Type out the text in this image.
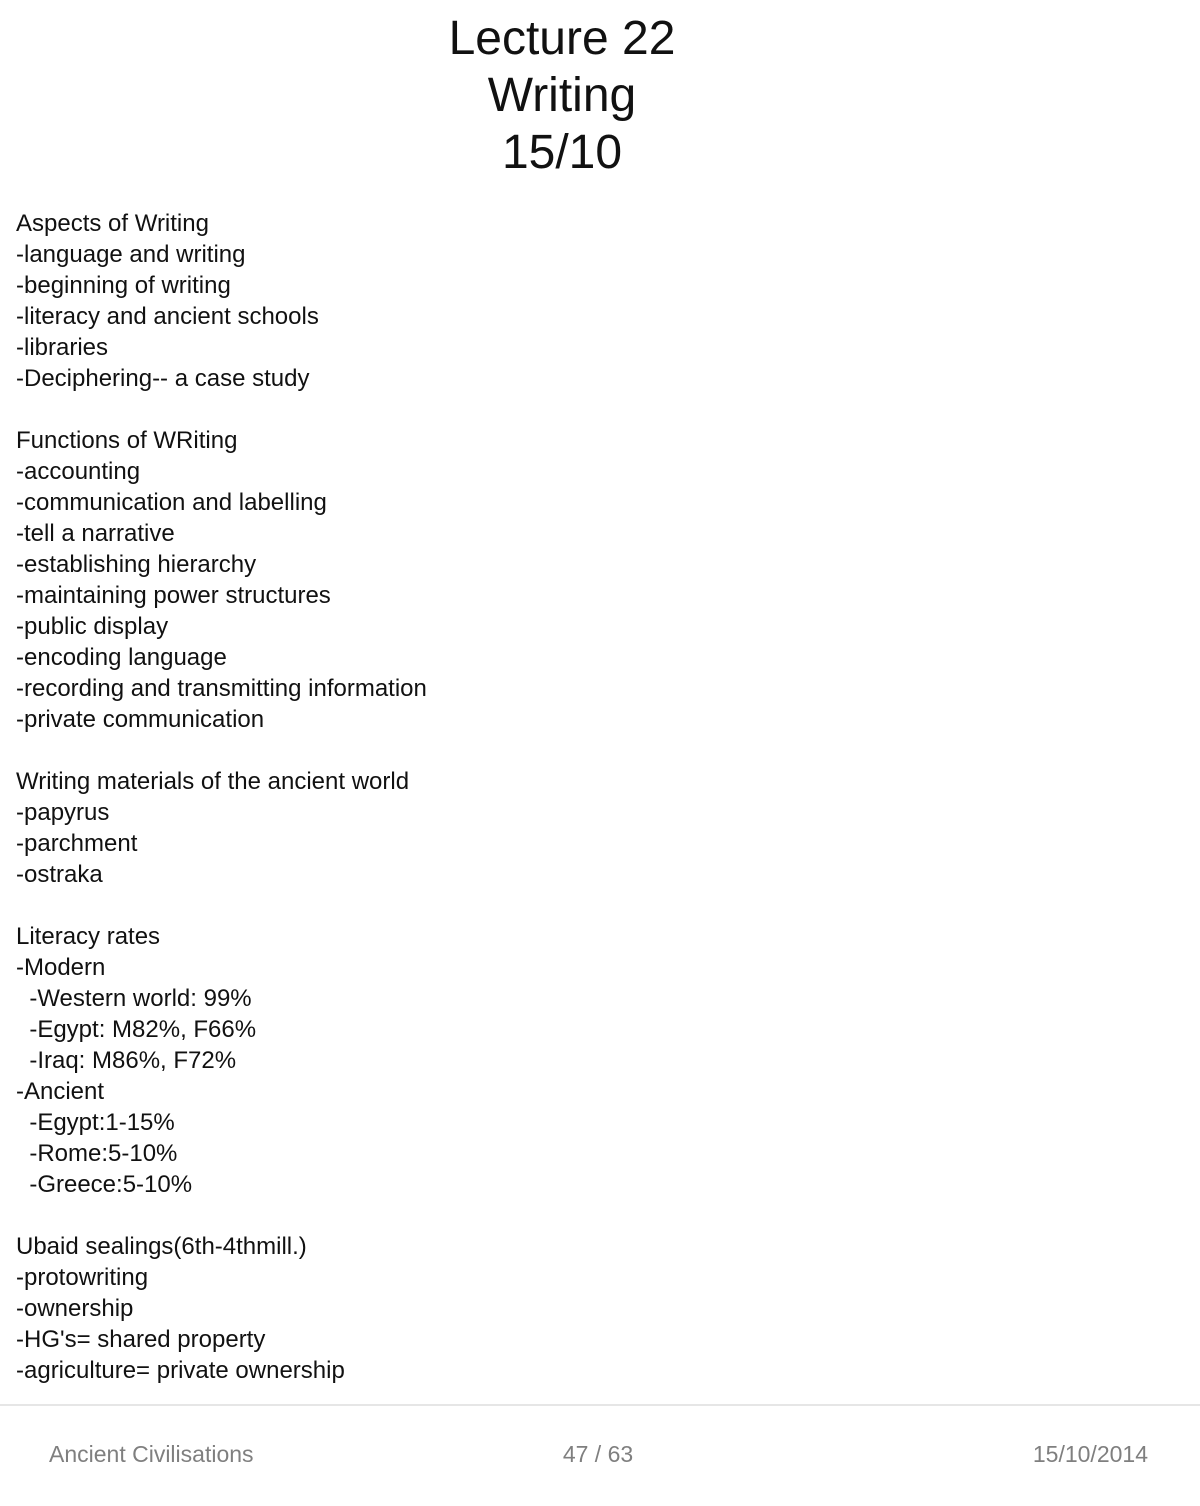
Lecture 22
Writing
15/10
Aspects of Writing
-language and writing
-beginning of writing
-literacy and ancient schools
-libraries
-Deciphering-- a case study
Functions of WRiting
-accounting
-communication and labelling
-tell a narrative
-establishing hierarchy
-maintaining power structures
-public display
-encoding language
-recording and transmitting information
-private communication
Writing materials of the ancient world
-papyrus
-parchment
-ostraka
Literacy rates
-Modern
-Western world: 99%
-Egypt: M82%, F66%
-Iraq: M86%, F72%
-Ancient
-Egypt:1-15%
-Rome:5-10%
-Greece:5-10%
Ubaid sealings(6th-4thmill.)
-protowriting
-ownership
-HG's= shared property
-agriculture= private ownership
Ancient Civilisations	47 / 63	15/10/2014
